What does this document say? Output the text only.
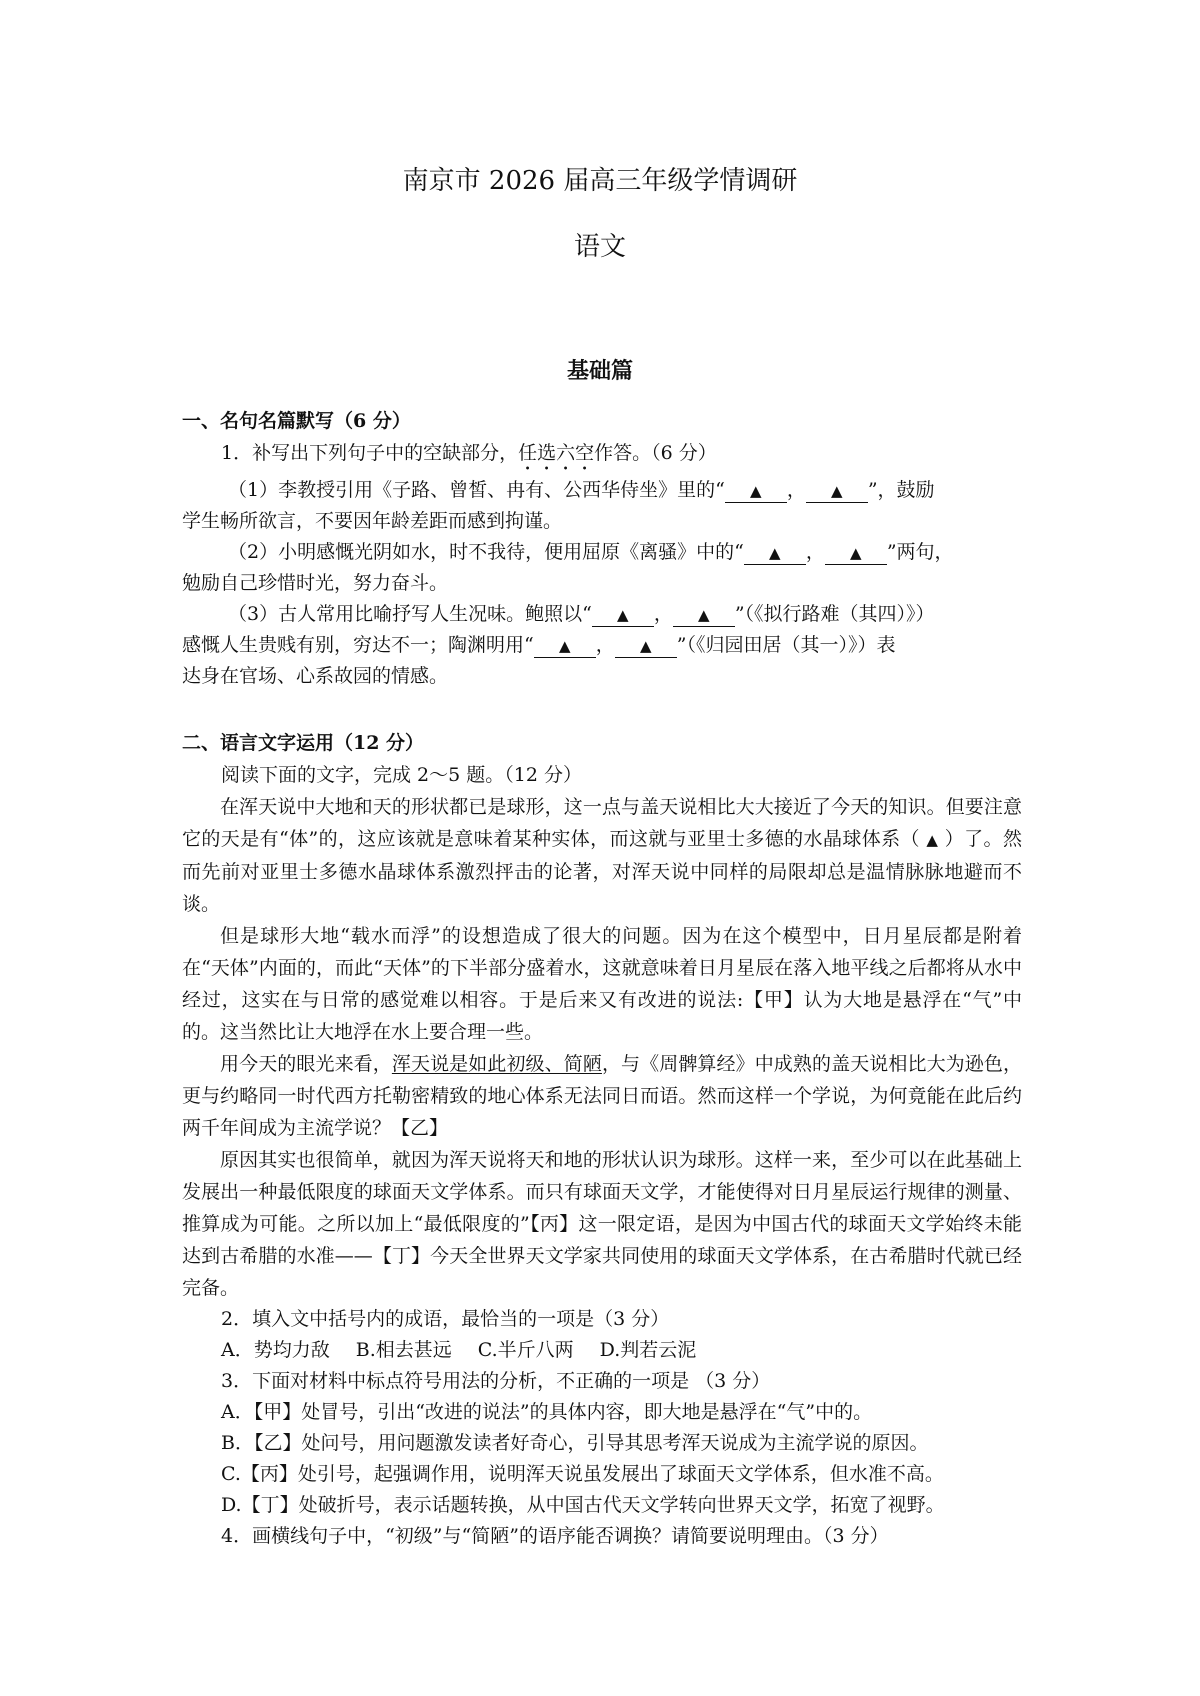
南京市 2026 届高三年级学情调研
语文
基础篇
一、名句名篇默写（6 分）
1．补写出下列句子中的空缺部分，任选六空作答。（6 分）
（1）李教授引用《子路、曾皙、冉有、公西华侍坐》里的“ ▲ ， ▲ ”，鼓励
学生畅所欲言，不要因年龄差距而感到拘谨。
（2）小明感慨光阴如水，时不我待，便用屈原《离骚》中的“ ▲ ， ▲ ”两句，
勉励自己珍惜时光，努力奋斗。
（3）古人常用比喻抒写人生况味。鲍照以“ ▲ ， ▲ ”（《拟行路难（其四）》）
感慨人生贵贱有别，穷达不一；陶渊明用“ ▲ ， ▲ ”（《归园田居（其一）》）表
达身在官场、心系故园的情感。
二、语言文字运用（12 分）
阅读下面的文字，完成 2～5 题。（12 分）

在浑天说中大地和天的形状都已是球形，这一点与盖天说相比大大接近了今天的知识。但要注意它的天是有“体”的，这应该就是意味着某种实体，而这就与亚里士多德的水晶球体系（ ▲ ）了。然而先前对亚里士多德水晶球体系激烈抨击的论著，对浑天说中同样的局限却总是温情脉脉地避而不谈。

但是球形大地“载水而浮”的设想造成了很大的问题。因为在这个模型中，日月星辰都是附着在“天体”内面的，而此“天体”的下半部分盛着水，这就意味着日月星辰在落入地平线之后都将从水中经过，这实在与日常的感觉难以相容。于是后来又有改进的说法:【甲】认为大地是悬浮在“气”中的。这当然比让大地浮在水上要合理一些。

用今天的眼光来看，浑天说是如此初级、简陋，与《周髀算经》中成熟的盖天说相比大为逊色，更与约略同一时代西方托勒密精致的地心体系无法同日而语。然而这样一个学说，为何竟能在此后约两千年间成为主流学说？【乙】

原因其实也很简单，就因为浑天说将天和地的形状认识为球形。这样一来，至少可以在此基础上发展出一种最低限度的球面天文学体系。而只有球面天文学，才能使得对日月星辰运行规律的测量、推算成为可能。之所以加上“最低限度的”【丙】这一限定语，是因为中国古代的球面天文学始终未能达到古希腊的水准——【丁】今天全世界天文学家共同使用的球面天文学体系，在古希腊时代就已经完备。

2．填入文中括号内的成语，最恰当的一项是（3 分）
A．势均力敌 B.相去甚远 C.半斤八两 D.判若云泥
3．下面对材料中标点符号用法的分析，不正确的一项是 （3 分）
A．【甲】处冒号，引出“改进的说法”的具体内容，即大地是悬浮在“气”中的。
B．【乙】处问号，用问题激发读者好奇心，引导其思考浑天说成为主流学说的原因。
C.【丙】处引号，起强调作用，说明浑天说虽发展出了球面天文学体系，但水准不高。
D.【丁】处破折号，表示话题转换，从中国古代天文学转向世界天文学，拓宽了视野。
4．画横线句子中，“初级”与“简陋”的语序能否调换？请简要说明理由。（3 分）
